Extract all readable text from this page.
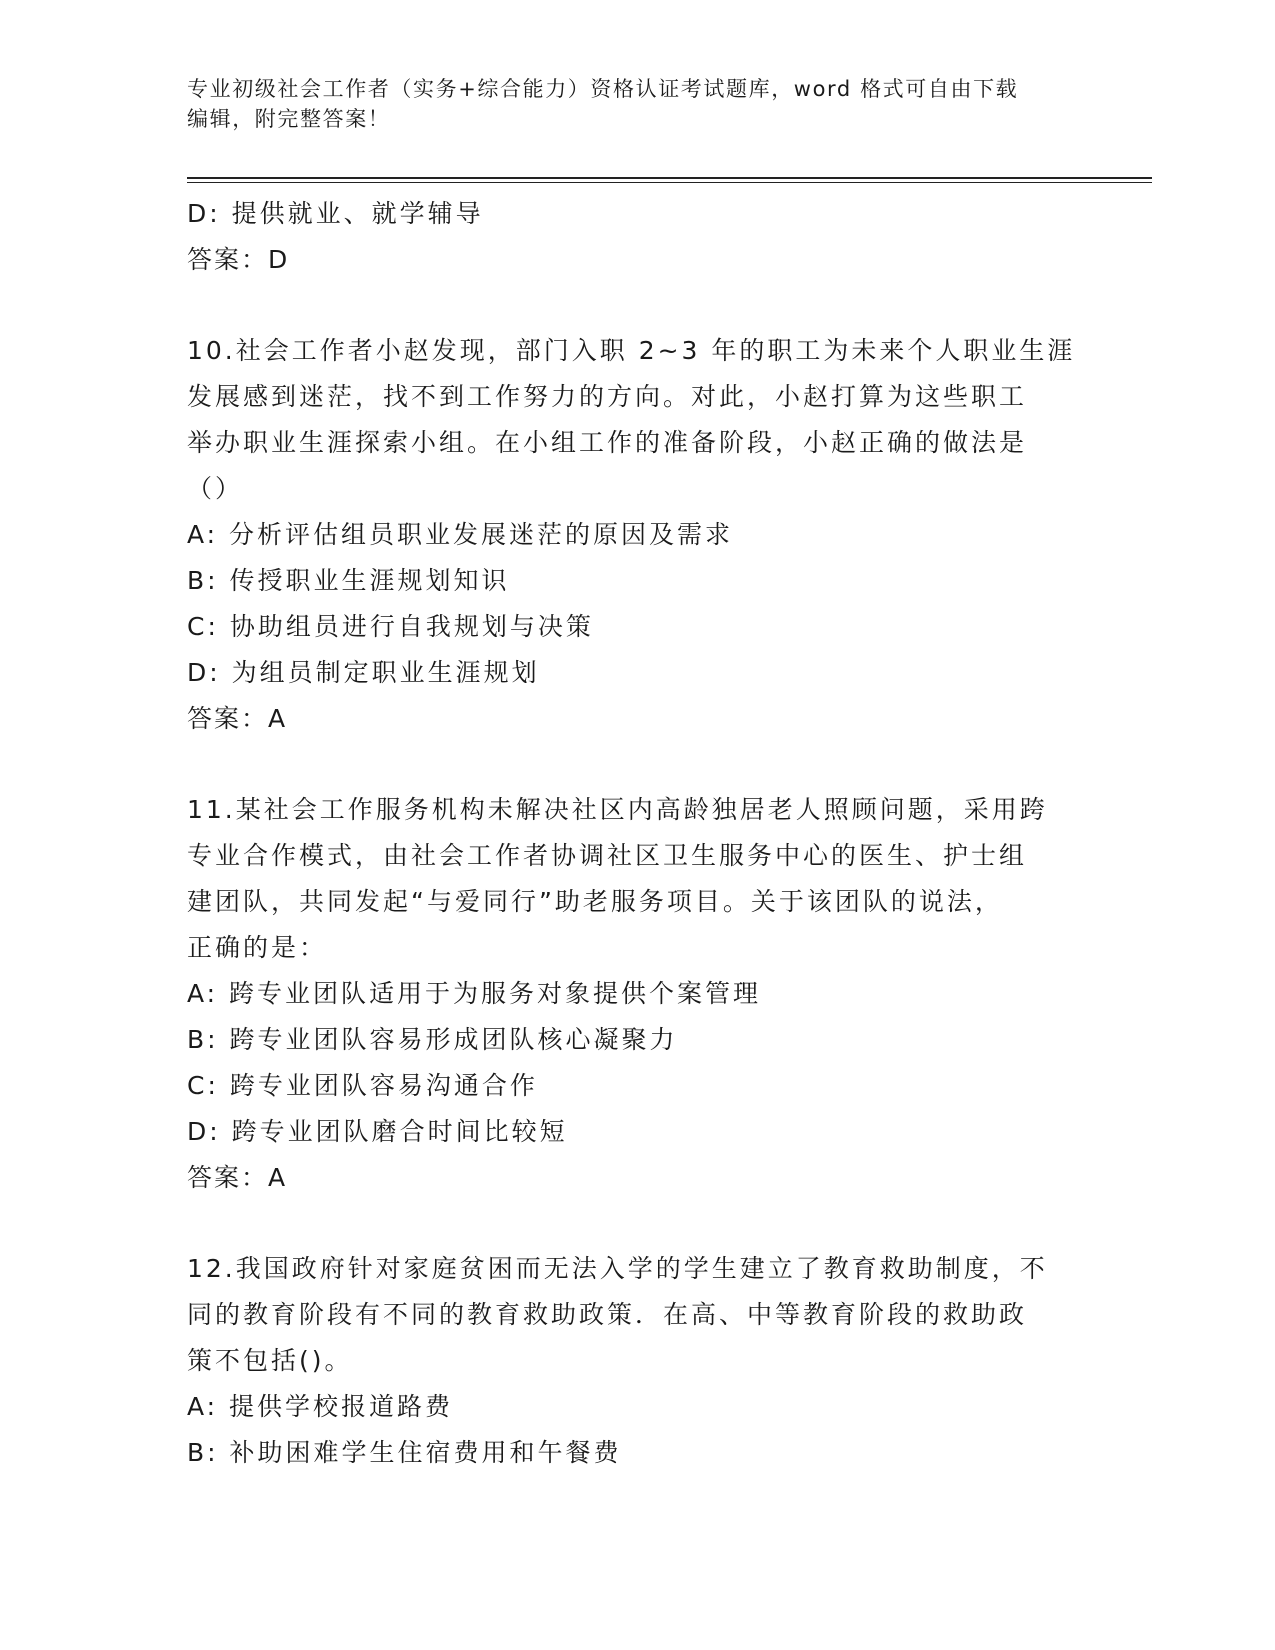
专业初级社会工作者（实务+综合能力）资格认证考试题库，word 格式可自由下载
编辑，附完整答案！
D: 提供就业、就学辅导
答案：D
10.社会工作者小赵发现，部门入职 2~3 年的职工为未来个人职业生涯
发展感到迷茫，找不到工作努力的方向。对此，小赵打算为这些职工
举办职业生涯探索小组。在小组工作的准备阶段，小赵正确的做法是
（）
A: 分析评估组员职业发展迷茫的原因及需求
B: 传授职业生涯规划知识
C: 协助组员进行自我规划与决策
D: 为组员制定职业生涯规划
答案：A
11.某社会工作服务机构未解决社区内高龄独居老人照顾问题，采用跨
专业合作模式，由社会工作者协调社区卫生服务中心的医生、护士组
建团队，共同发起“与爱同行”助老服务项目。关于该团队的说法，
正确的是：
A: 跨专业团队适用于为服务对象提供个案管理
B: 跨专业团队容易形成团队核心凝聚力
C: 跨专业团队容易沟通合作
D: 跨专业团队磨合时间比较短
答案：A
12.我国政府针对家庭贫困而无法入学的学生建立了教育救助制度，不
同的教育阶段有不同的教育救助政策．在高、中等教育阶段的救助政
策不包括()。
A: 提供学校报道路费
B: 补助困难学生住宿费用和午餐费
